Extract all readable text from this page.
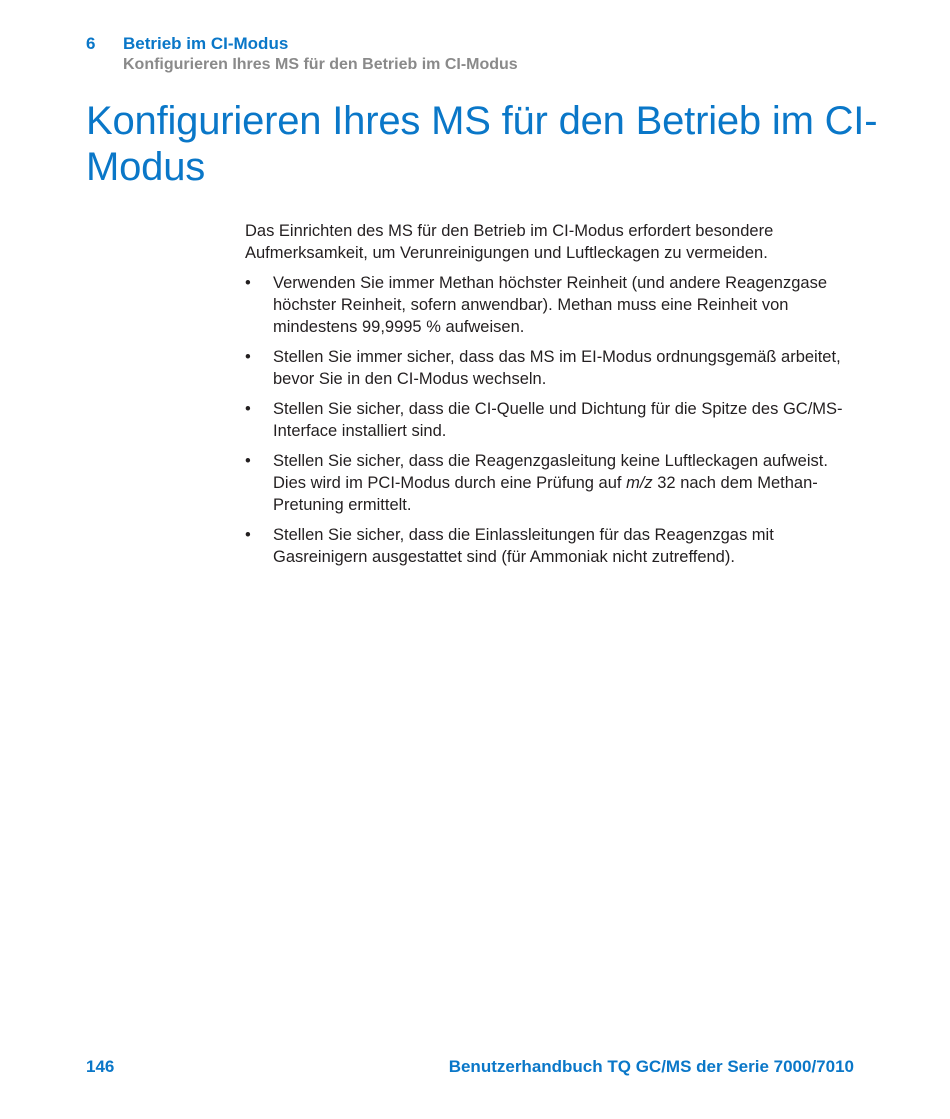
6 Betrieb im CI-Modus
Konfigurieren Ihres MS für den Betrieb im CI-Modus
Konfigurieren Ihres MS für den Betrieb im CI-Modus

Das Einrichten des MS für den Betrieb im CI-Modus erfordert besondere Aufmerksamkeit, um Verunreinigungen und Luftleckagen zu vermeiden.

• Verwenden Sie immer Methan höchster Reinheit (und andere Reagenzgase höchster Reinheit, sofern anwendbar). Methan muss eine Reinheit von mindestens 99,9995 % aufweisen.
• Stellen Sie immer sicher, dass das MS im EI-Modus ordnungsgemäß arbeitet, bevor Sie in den CI-Modus wechseln.
• Stellen Sie sicher, dass die CI-Quelle und Dichtung für die Spitze des GC/MS-Interface installiert sind.
• Stellen Sie sicher, dass die Reagenzgasleitung keine Luftleckagen aufweist. Dies wird im PCI-Modus durch eine Prüfung auf m/z 32 nach dem Methan-Pretuning ermittelt.
• Stellen Sie sicher, dass die Einlassleitungen für das Reagenzgas mit Gasreinigern ausgestattet sind (für Ammoniak nicht zutreffend).
146	Benutzerhandbuch TQ GC/MS der Serie 7000/7010
